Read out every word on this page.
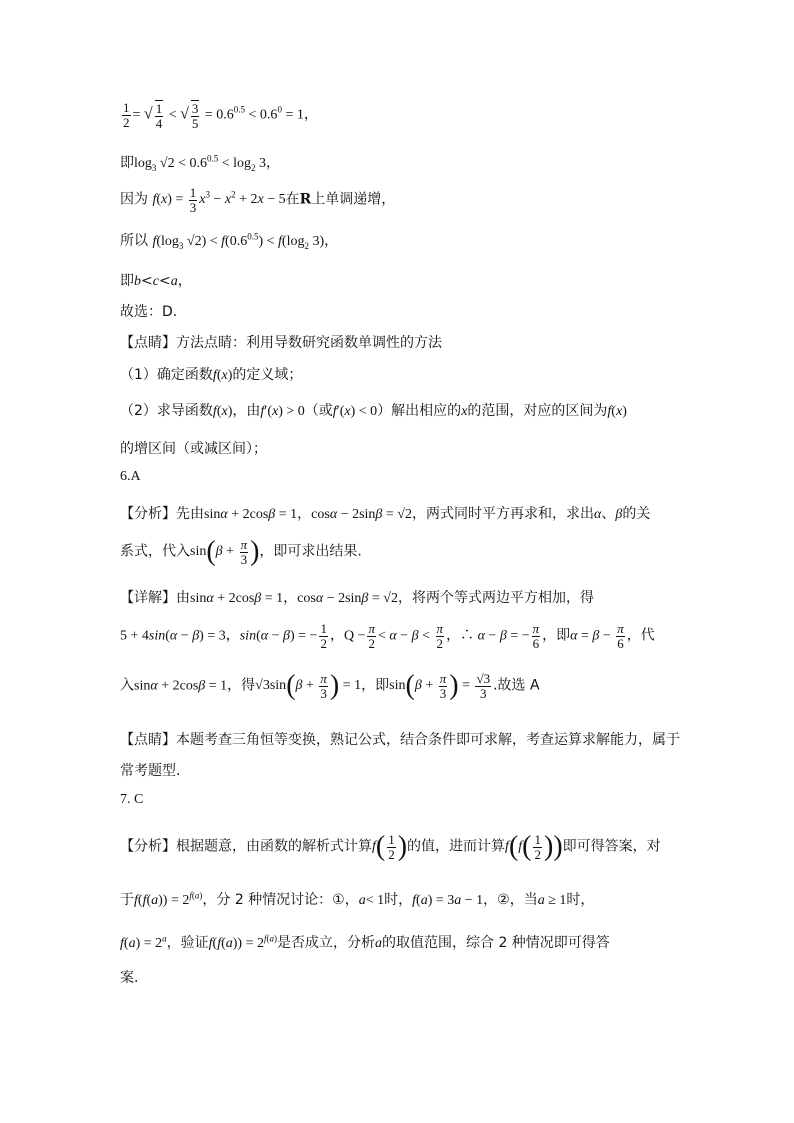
$\frac{1}{2}$ = √ $\frac{1}{4}$ < √ $\frac{3}{5} = 0.6^{0.5} < 0.6^0 = 1$，
即$\log_3 √2 < 0.6^{0.5} < \log_2 3$，
因为 $f(x) = \frac{1}{3} x^3 - x^2 + 2x - 5$在R上单调递增，
所以 $f(\log_3$ $√2) < f(0.6^{0.5}) < f(\log_2$ 3)，
即b<c<a，
故选：D.
【点睛】方法点睛：利用导数研究函数单调性的方法
（1）确定函数f(x)的定义域；
（2）求导函数f(x)，由f′(x) > 0（或f′(x) < 0）解出相应的x的范围，对应的区间为f(x)
的增区间（或减区间）；
6.A
【分析】先由sinα + 2cosβ = 1，cosα − 2sinβ = √2，两式同时平方再求和，求出α、β的关
系式，代入$\sin(\beta + \frac{\pi}{3}$ )，即可求出结果.
【详解】由sinα + 2cosβ = 1，cosα − 2sinβ = √2，将两个等式两边平方相加，得
5 + 4sin(α − β) = 3，sin(α − β) = − $\frac{1}{2}$ ，$Q - \frac{\pi}{2} < \alpha - \beta < \frac{\pi}{2}$ ，∴ α − β = − $\frac{\pi}{6}$ ，即$\alpha = \beta - \frac{\pi}{6}$ ，代
入sinα + 2cosβ = 1，得$√3\sin(\beta + \frac{\pi}{3}$ ) = 1，即$\sin(\beta + \frac{\pi}{3}$ ) = $\frac{√3}{3}$ .故选 A
【点睛】本题考查三角恒等变换，熟记公式，结合条件即可求解，考查运算求解能力，属于
常考题型.
7. C
【分析】根据题意，由函数的解析式计算$f( \frac{1}{2}$ )的值，进而计算$f(f( \frac{1}{2}$ ))即可得答案，对
于$f(f(a)) = 2^{f(a)}$，分 2 种情况讨论：①，a< 1时，f(a) = 3a − 1，②，当a ≥ 1时，
$f(a) = 2^a$，验证$f(f(a)) = 2^{f(a)}$是否成立，分析a的取值范围，综合 2 种情况即可得答
案.
